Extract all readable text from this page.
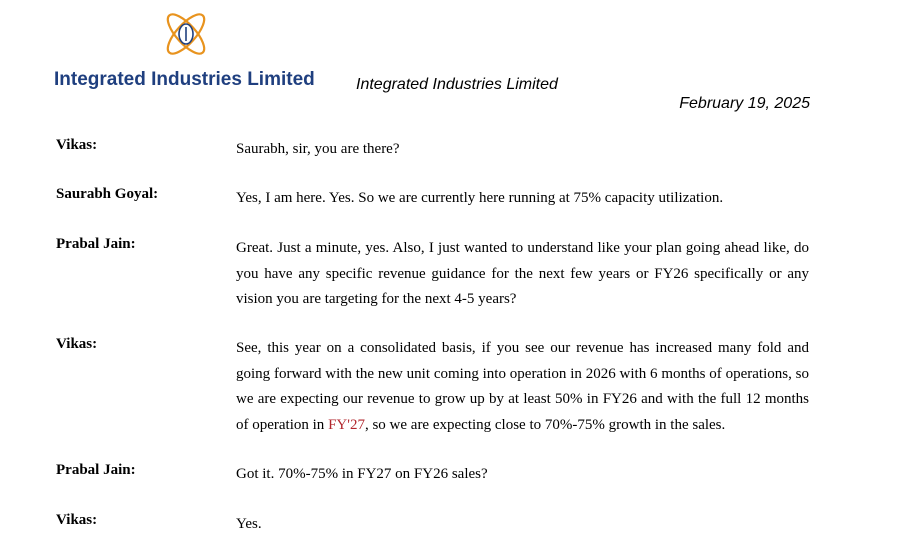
Integrated Industries Limited	Integrated Industries Limited
February 19, 2025
Vikas:	Saurabh, sir, you are there?
Saurabh Goyal:	Yes, I am here. Yes. So we are currently here running at 75% capacity utilization.
Prabal Jain:	Great. Just a minute, yes. Also, I just wanted to understand like your plan going ahead like, do you have any specific revenue guidance for the next few years or FY26 specifically or any vision you are targeting for the next 4-5 years?
Vikas:	See, this year on a consolidated basis, if you see our revenue has increased many fold and going forward with the new unit coming into operation in 2026 with 6 months of operations, so we are expecting our revenue to grow up by at least 50% in FY26 and with the full 12 months of operation in FY'27, so we are expecting close to 70%-75% growth in the sales.
Prabal Jain:	Got it. 70%-75% in FY27 on FY26 sales?
Vikas:	Yes.
